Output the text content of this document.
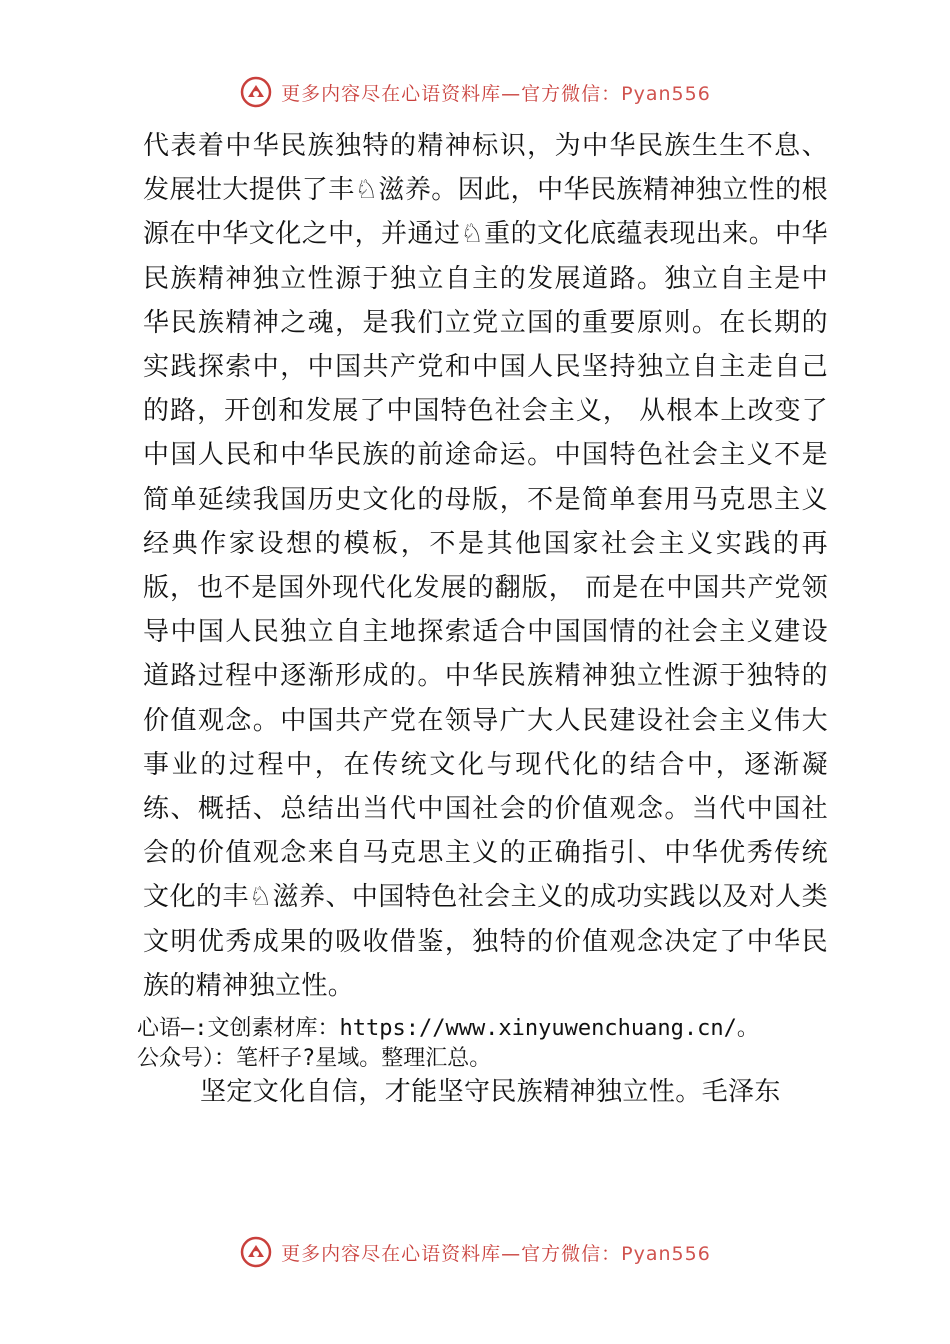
更多内容尽在心语资料库—官方微信：Pyan556

代表着中华民族独特的精神标识，为中华民族生生不息、发展壮大提供了丰♘滋养。因此，中华民族精神独立性的根源在中华文化之中，并通过♘重的文化底蕴表现出来。中华民族精神独立性源于独立自主的发展道路。独立自主是中华民族精神之魂，是我们立党立国的重要原则。在长期的实践探索中，中国共产党和中国人民坚持独立自主走自己的路，开创和发展了中国特色社会主义， 从根本上改变了中国人民和中华民族的前途命运。中国特色社会主义不是简单延续我国历史文化的母版，不是简单套用马克思主义经典作家设想的模板，不是其他国家社会主义实践的再版，也不是国外现代化发展的翻版， 而是在中国共产党领导中国人民独立自主地探索适合中国国情的社会主义建设道路过程中逐渐形成的。中华民族精神独立性源于独特的价值观念。中国共产党在领导广大人民建设社会主义伟大事业的过程中，在传统文化与现代化的结合中，逐渐凝练、概括、总结出当代中国社会的价值观念。当代中国社会的价值观念来自马克思主义的正确指引、中华优秀传统文化的丰♘滋养、中国特色社会主义的成功实践以及对人类文明优秀成果的吸收借鉴，独特的价值观念决定了中华民族的精神独立性。

心语—:文创素材库：https://www.xinyuwenchuang.cn/。
公众号）：笔杆子?星域。整理汇总。

坚定文化自信，才能坚守民族精神独立性。毛泽东

更多内容尽在心语资料库—官方微信：Pyan556
